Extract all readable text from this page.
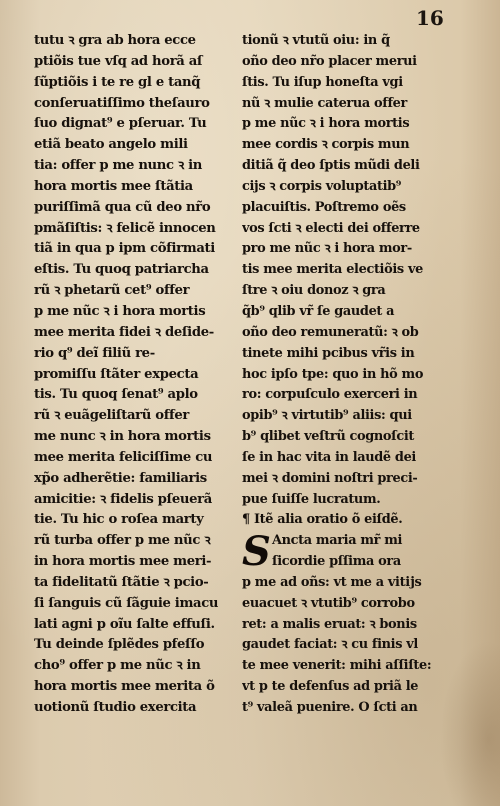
16
tutu ꝛ gra ab hora ecce
ptiõis tue vſq ad horã aſ
ſũptiõis i te re gl e tanq̃
conſeruatiſſimo theſauro
ſuo dignat⁹ e pſeruar. Tu
etiã beato angelo mili
tia: offer p me nunc ꝛ in
hora mortis mee ſtãtia
puriſſimã qua cũ deo nr̃o
pmãſiſtis: ꝛ felicẽ innocen
tiã in qua p ipm cõfirmati
eſtis. Tu quoq patriarcha
rũ ꝛ phetarũ cet⁹ offer
p me nũc ꝛ i hora mortis
mee merita fidei ꝛ deſide-
rio q⁹ deĩ filiũ re-
promiſſu ſtãter expecta
tis. Tu quoq ſenat⁹ aplo
rũ ꝛ euãgeliſtarũ offer
me nunc ꝛ in hora mortis
mee merita feliciſſime cu
xp̃o adherẽtie: familiaris
amicitie: ꝛ fidelis pſeuerã
tie. Tu hic o roſea marty
rũ turba offer p me nũc ꝛ
in hora mortis mee meri-
ta fidelitatũ ſtãtie ꝛ pcio-
ſi ſanguis cũ ſãguie imacu
lati agni p oĩu ſalte effuſi.
Tu deinde ſplẽdes pfeſſo
cho⁹ offer p me nũc ꝛ in
hora mortis mee merita õ
uotionũ ſtudio exercita
tionũ ꝛ vtutũ oiu: in q̃
oño deo nr̃o placer merui
ſtis. Tu iſup honeſta vgi
nũ ꝛ mulie caterua offer
p me nũc ꝛ i hora mortis
mee cordis ꝛ corpis mun
ditiã q̃ deo ſptis mũdi deli
cijs ꝛ corpis voluptatib⁹
placuiſtis. Poſtremo oẽs
vos ſcti ꝛ electi dei offerre
pro me nũc ꝛ i hora mor-
tis mee merita electiõis ve
ſtre ꝛ oiu donoz ꝛ gra
q̃b⁹ qlib vr̃ ſe gaudet a
oño deo remuneratũ: ꝛ ob
tinete mihi pcibus vr̃is in
hoc ipſo tpe: quo in hõ mo
ro: corpuſculo exerceri in
opib⁹ ꝛ virtutib⁹ aliis: qui
b⁹ qlibet veſtrũ cognoſcit
ſe in hac vita in laudẽ dei
mei ꝛ domini noſtri preci-
pue ſuiſſe lucratum.
¶ Itẽ alia oratio õ eiſdẽ.
S Ancta maria mr̃ mi
ſicordie pſſima ora
p me ad oñs: vt me a vitĳs
euacuet ꝛ vtutib⁹ corrobo
ret: a malis eruat: ꝛ bonis
gaudet faciat: ꝛ cu finis vl
te mee venerit: mihi aſſiſte:
vt p te defenſus ad priã le
t⁹ valeã puenire. O ſcti an
